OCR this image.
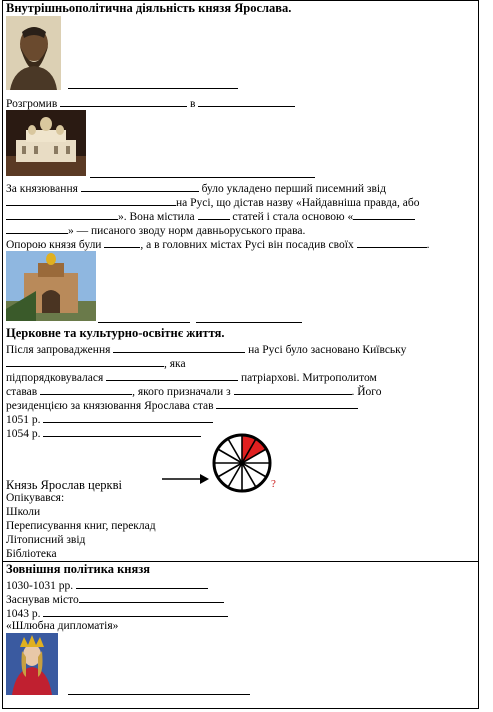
Внутрішньополітична діяльність князя Ярослава.
Розгромив	в
За князювання	було укладено перший писемний звід
на Русі, що дістав назву «Найдавніша правда, або
». Вона містила	статей і стала основою «
» — писаного зводу норм давньоруського права.
Опорою князя були	, а в головних містах Русі він посадив своїх	.
Церковне та культурно-освітнє життя.
Після запровадження	на Русі було засновано Київську
, яка
підпорядковувалася	патріархові. Митрополитом
ставав	, якого призначали з	. Його
резиденцією за князювання Ярослава став
1051 р.
1054 р.
Князь Ярослав церкві	?
Опікувався:
Школи
Переписування книг, переклад
Літописний звід
Бібліотека
Зовнішня політика князя
1030-1031 рр.
Заснував місто
1043 р.
«Шлюбна дипломатія»
